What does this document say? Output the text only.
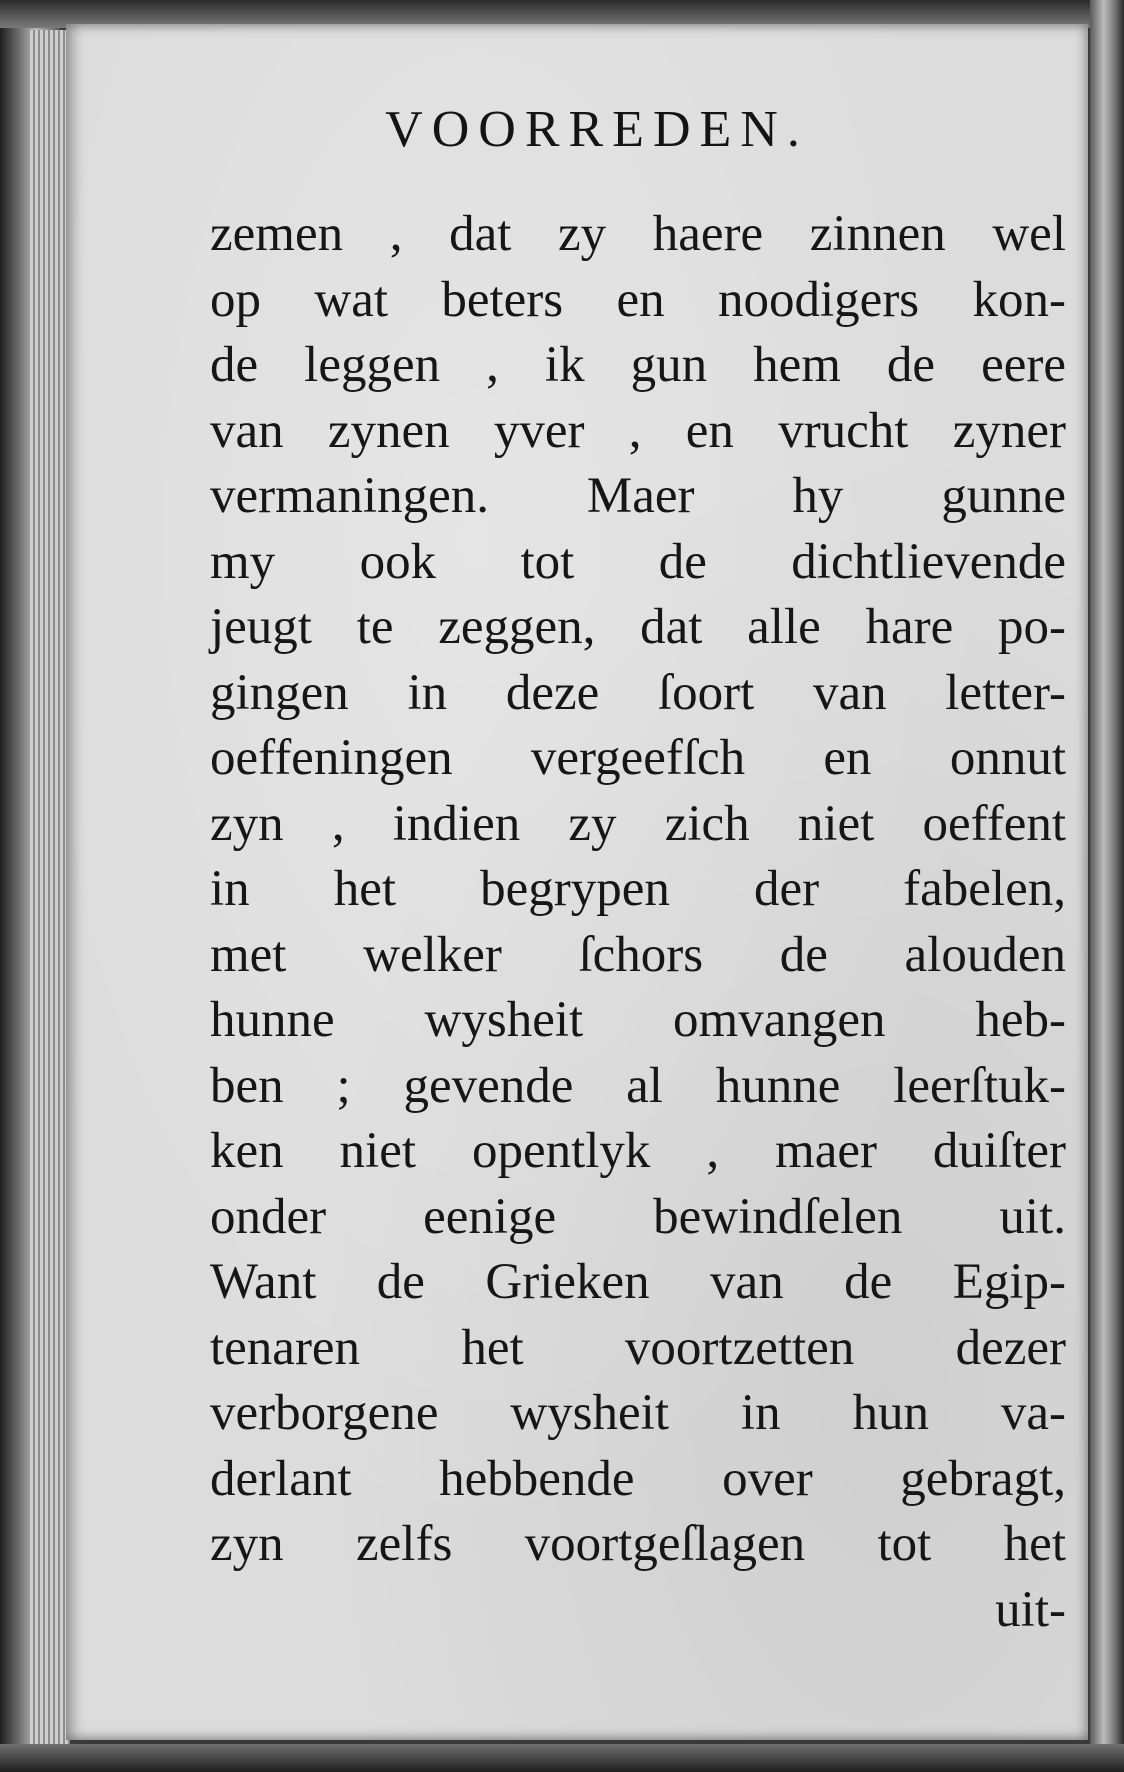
VOORREDEN.
zemen , dat zy haere zinnen wel
op wat beters en noodigers kon-
de leggen , ik gun hem de eere
van zynen yver , en vrucht zyner
vermaningen. Maer hy gunne
my ook tot de dichtlievende
jeugt te zeggen, dat alle hare po-
gingen in deze ſoort van letter-
oeffeningen vergeefſch en onnut
zyn , indien zy zich niet oeffent
in het begrypen der fabelen,
met welker ſchors de alouden
hunne wysheit omvangen heb-
ben ; gevende al hunne leerſtuk-
ken niet opentlyk , maer duiſter
onder eenige bewindſelen uit.
Want de Grieken van de Egip-
tenaren het voortzetten dezer
verborgene wysheit in hun va-
derlant hebbende over gebragt,
zyn zelfs voortgeſlagen tot het
uit-
